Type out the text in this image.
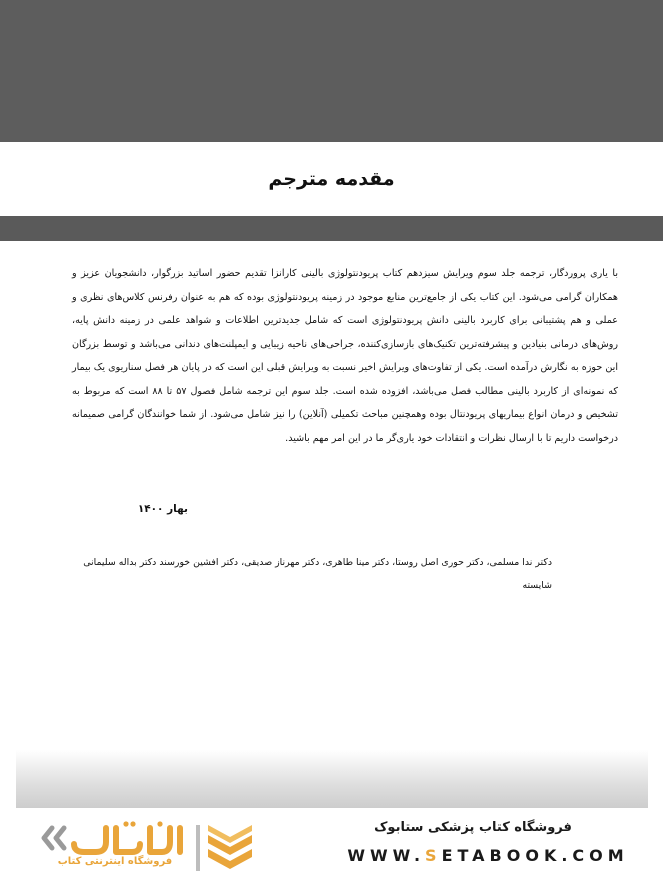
مقدمه مترجم

با یاری پروردگار، ترجمه جلد سوم ویرایش سیزدهم کتاب پریودنتولوژی بالینی کارانزا تقدیم حضور اساتید بزرگوار، دانشجویان عزیز و همکاران گرامی می‌شود. این کتاب یکی از جامع‌ترین منابع موجود در زمینه پریودنتولوژی بوده که هم به عنوان رفرنس کلاس‌های نظری و عملی و هم پشتیبانی برای کاربرد بالینی دانش پریودنتولوژی است که شامل جدیدترین اطلاعات و شواهد علمی در زمینه دانش پایه، روش‌های درمانی بنیادین و پیشرفته‌ترین تکنیک‌های بازسازی‌کننده، جراحی‌های ناحیه زیبایی و ایمپلنت‌های دندانی می‌باشد و توسط بزرگان این حوزه به نگارش درآمده است. یکی از تفاوت‌های ویرایش اخیر نسبت به ویرایش قبلی این است که در پایان هر فصل سناریوی یک بیمار که نمونه‌ای از کاربرد بالینی مطالب فصل می‌باشد، افزوده شده است. جلد سوم این ترجمه شامل فصول ۵۷ تا ۸۸ است که مربوط به تشخیص و درمان انواع بیماریهای پریودنتال بوده وهمچنین مباحث تکمیلی (آنلاین) را نیز شامل می‌شود. از شما خوانندگان گرامی صمیمانه درخواست داریم تا با ارسال نظرات و انتقادات خود یاری‌گر ما در این امر مهم باشید.

بهار ۱۴۰۰

دکتر ندا مسلمی، دکتر حوری اصل روستا، دکتر مینا طاهری، دکتر مهرناز صدیقی، دکتر افشین خورسند دکتر بداله سلیمانی شایسته

فروشگاه کتاب پزشکی ستابوک
WWW.SETABOOK.COM
فروشگاه اینترنتی کتاب
